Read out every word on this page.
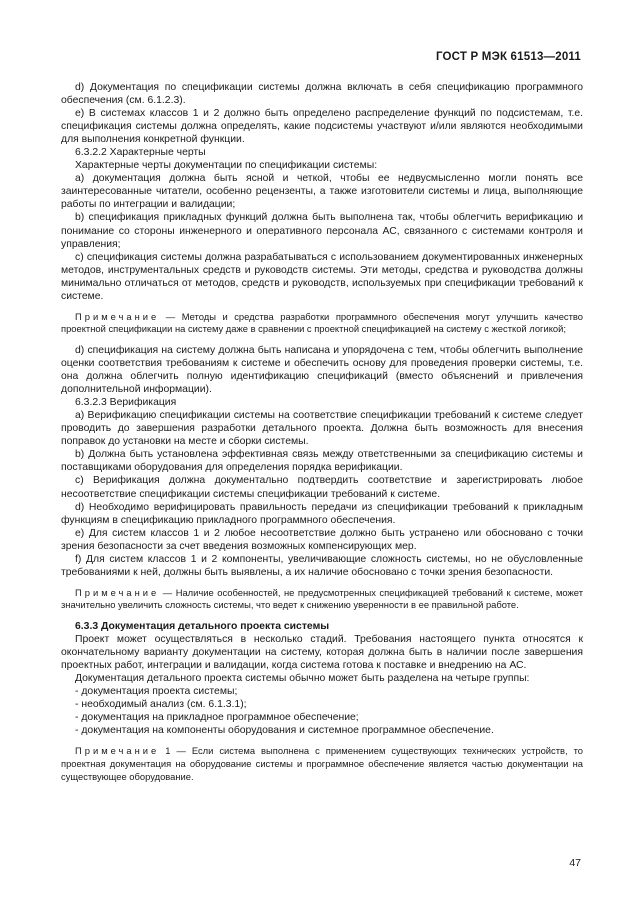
ГОСТ Р МЭК 61513—2011

d) Документация по спецификации системы должна включать в себя спецификацию программного обеспечения (см. 6.1.2.3).

e) В системах классов 1 и 2 должно быть определено распределение функций по подсистемам, т.е. спецификация системы должна определять, какие подсистемы участвуют и/или являются необходимыми для выполнения конкретной функции.

6.3.2.2 Характерные черты

Характерные черты документации по спецификации системы:

а) документация должна быть ясной и четкой, чтобы ее недвусмысленно могли понять все заинтересованные читатели, особенно рецензенты, а также изготовители системы и лица, выполняющие работы по интеграции и валидации;

b) спецификация прикладных функций должна быть выполнена так, чтобы облегчить верификацию и понимание со стороны инженерного и оперативного персонала АС, связанного с системами контроля и управления;

с) спецификация системы должна разрабатываться с использованием документированных инженерных методов, инструментальных средств и руководств системы. Эти методы, средства и руководства должны минимально отличаться от методов, средств и руководств, используемых при спецификации требований к системе.

Примечание — Методы и средства разработки программного обеспечения могут улучшить качество проектной спецификации на систему даже в сравнении с проектной спецификацией на систему с жесткой логикой;

d) спецификация на систему должна быть написана и упорядочена с тем, чтобы облегчить выполнение оценки соответствия требованиям к системе и обеспечить основу для проведения проверки системы, т.е. она должна облегчить полную идентификацию спецификаций (вместо объяснений и привлечения дополнительной информации).

6.3.2.3 Верификация

а) Верификацию спецификации системы на соответствие спецификации требований к системе следует проводить до завершения разработки детального проекта. Должна быть возможность для внесения поправок до установки на месте и сборки системы.

b) Должна быть установлена эффективная связь между ответственными за спецификацию системы и поставщиками оборудования для определения порядка верификации.

c) Верификация должна документально подтвердить соответствие и зарегистрировать любое несоответствие спецификации системы спецификации требований к системе.

d) Необходимо верифицировать правильность передачи из спецификации требований к прикладным функциям в спецификацию прикладного программного обеспечения.

e) Для систем классов 1 и 2 любое несоответствие должно быть устранено или обосновано с точки зрения безопасности за счет введения возможных компенсирующих мер.

f) Для систем классов 1 и 2 компоненты, увеличивающие сложность системы, но не обусловленные требованиями к ней, должны быть выявлены, а их наличие обосновано с точки зрения безопасности.

Примечание — Наличие особенностей, не предусмотренных спецификацией требований к системе, может значительно увеличить сложность системы, что ведет к снижению уверенности в ее правильной работе.

6.3.3 Документация детального проекта системы

Проект может осуществляться в несколько стадий. Требования настоящего пункта относятся к окончательному варианту документации на систему, которая должна быть в наличии после завершения проектных работ, интеграции и валидации, когда система готова к поставке и внедрению на АС.

Документация детального проекта системы обычно может быть разделена на четыре группы:

- документация проекта системы;

- необходимый анализ (см. 6.1.3.1);

- документация на прикладное программное обеспечение;

- документация на компоненты оборудования и системное программное обеспечение.

Примечание 1 — Если система выполнена с применением существующих технических устройств, то проектная документация на оборудование системы и программное обеспечение является частью документации на существующее оборудование.

47
